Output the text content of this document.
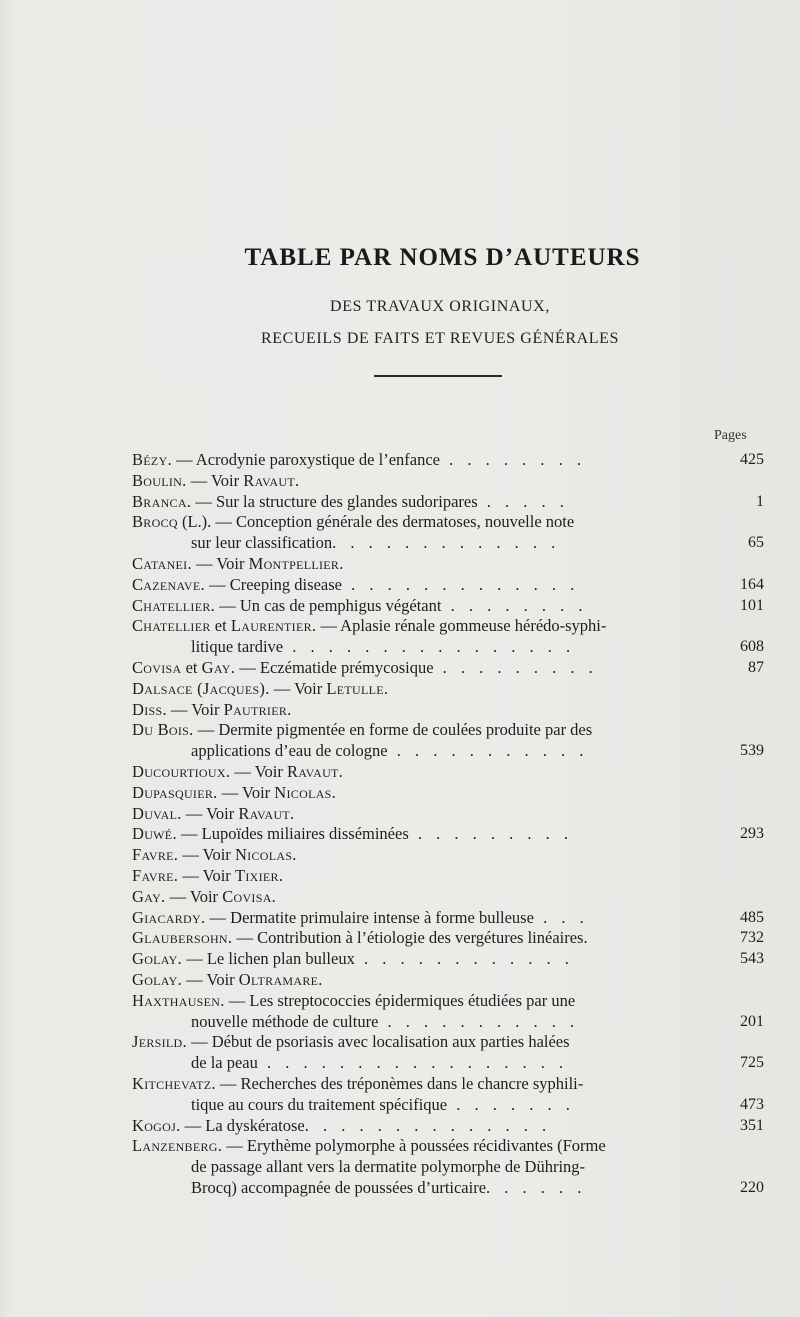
TABLE PAR NOMS D’AUTEURS
DES TRAVAUX ORIGINAUX,
RECUEILS DE FAITS ET REVUES GÉNÉRALES
Pages
Bézy. — Acrodynie paroxystique de l’enfance . . . . . . . .	425
Boulin. — Voir Ravaut.
Branca. — Sur la structure des glandes sudoripares . . . . .	1
Brocq (L.). — Conception générale des dermatoses, nouvelle note
sur leur classification. . . . . . . . . . . . .	65
Catanei. — Voir Montpellier.
Cazenave. — Creeping disease . . . . . . . . . . . . .	164
Chatellier. — Un cas de pemphigus végétant . . . . . . . .	101
Chatellier et Laurentier. — Aplasie rénale gommeuse hérédo-syphi-
litique tardive . . . . . . . . . . . . . . . .	608
Covisa et Gay. — Eczématide prémycosique . . . . . . . . .	87
Dalsace (Jacques). — Voir Letulle.
Diss. — Voir Pautrier.
Du Bois. — Dermite pigmentée en forme de coulées produite par des
applications d’eau de cologne . . . . . . . . . . .	539
Ducourtioux. — Voir Ravaut.
Dupasquier. — Voir Nicolas.
Duval. — Voir Ravaut.
Duwé. — Lupoïdes miliaires disséminées . . . . . . . . .	293
Favre. — Voir Nicolas.
Favre. — Voir Tixier.
Gay. — Voir Covisa.
Giacardy. — Dermatite primulaire intense à forme bulleuse . . .	485
Glaubersohn. — Contribution à l’étiologie des vergétures linéaires.	732
Golay. — Le lichen plan bulleux . . . . . . . . . . . .	543
Golay. — Voir Oltramare.
Haxthausen. — Les streptococcies épidermiques étudiées par une
nouvelle méthode de culture . . . . . . . . . . .	201
Jersild. — Début de psoriasis avec localisation aux parties halées
de la peau . . . . . . . . . . . . . . . . .	725
Kitchevatz. — Recherches des tréponèmes dans le chancre syphili-
tique au cours du traitement spécifique . . . . . . .	473
Kogoj. — La dyskératose. . . . . . . . . . . . . .	351
Lanzenberg. — Erythème polymorphe à poussées récidivantes (Forme
de passage allant vers la dermatite polymorphe de Dühring-
Brocq) accompagnée de poussées d’urticaire. . . . . .	220
